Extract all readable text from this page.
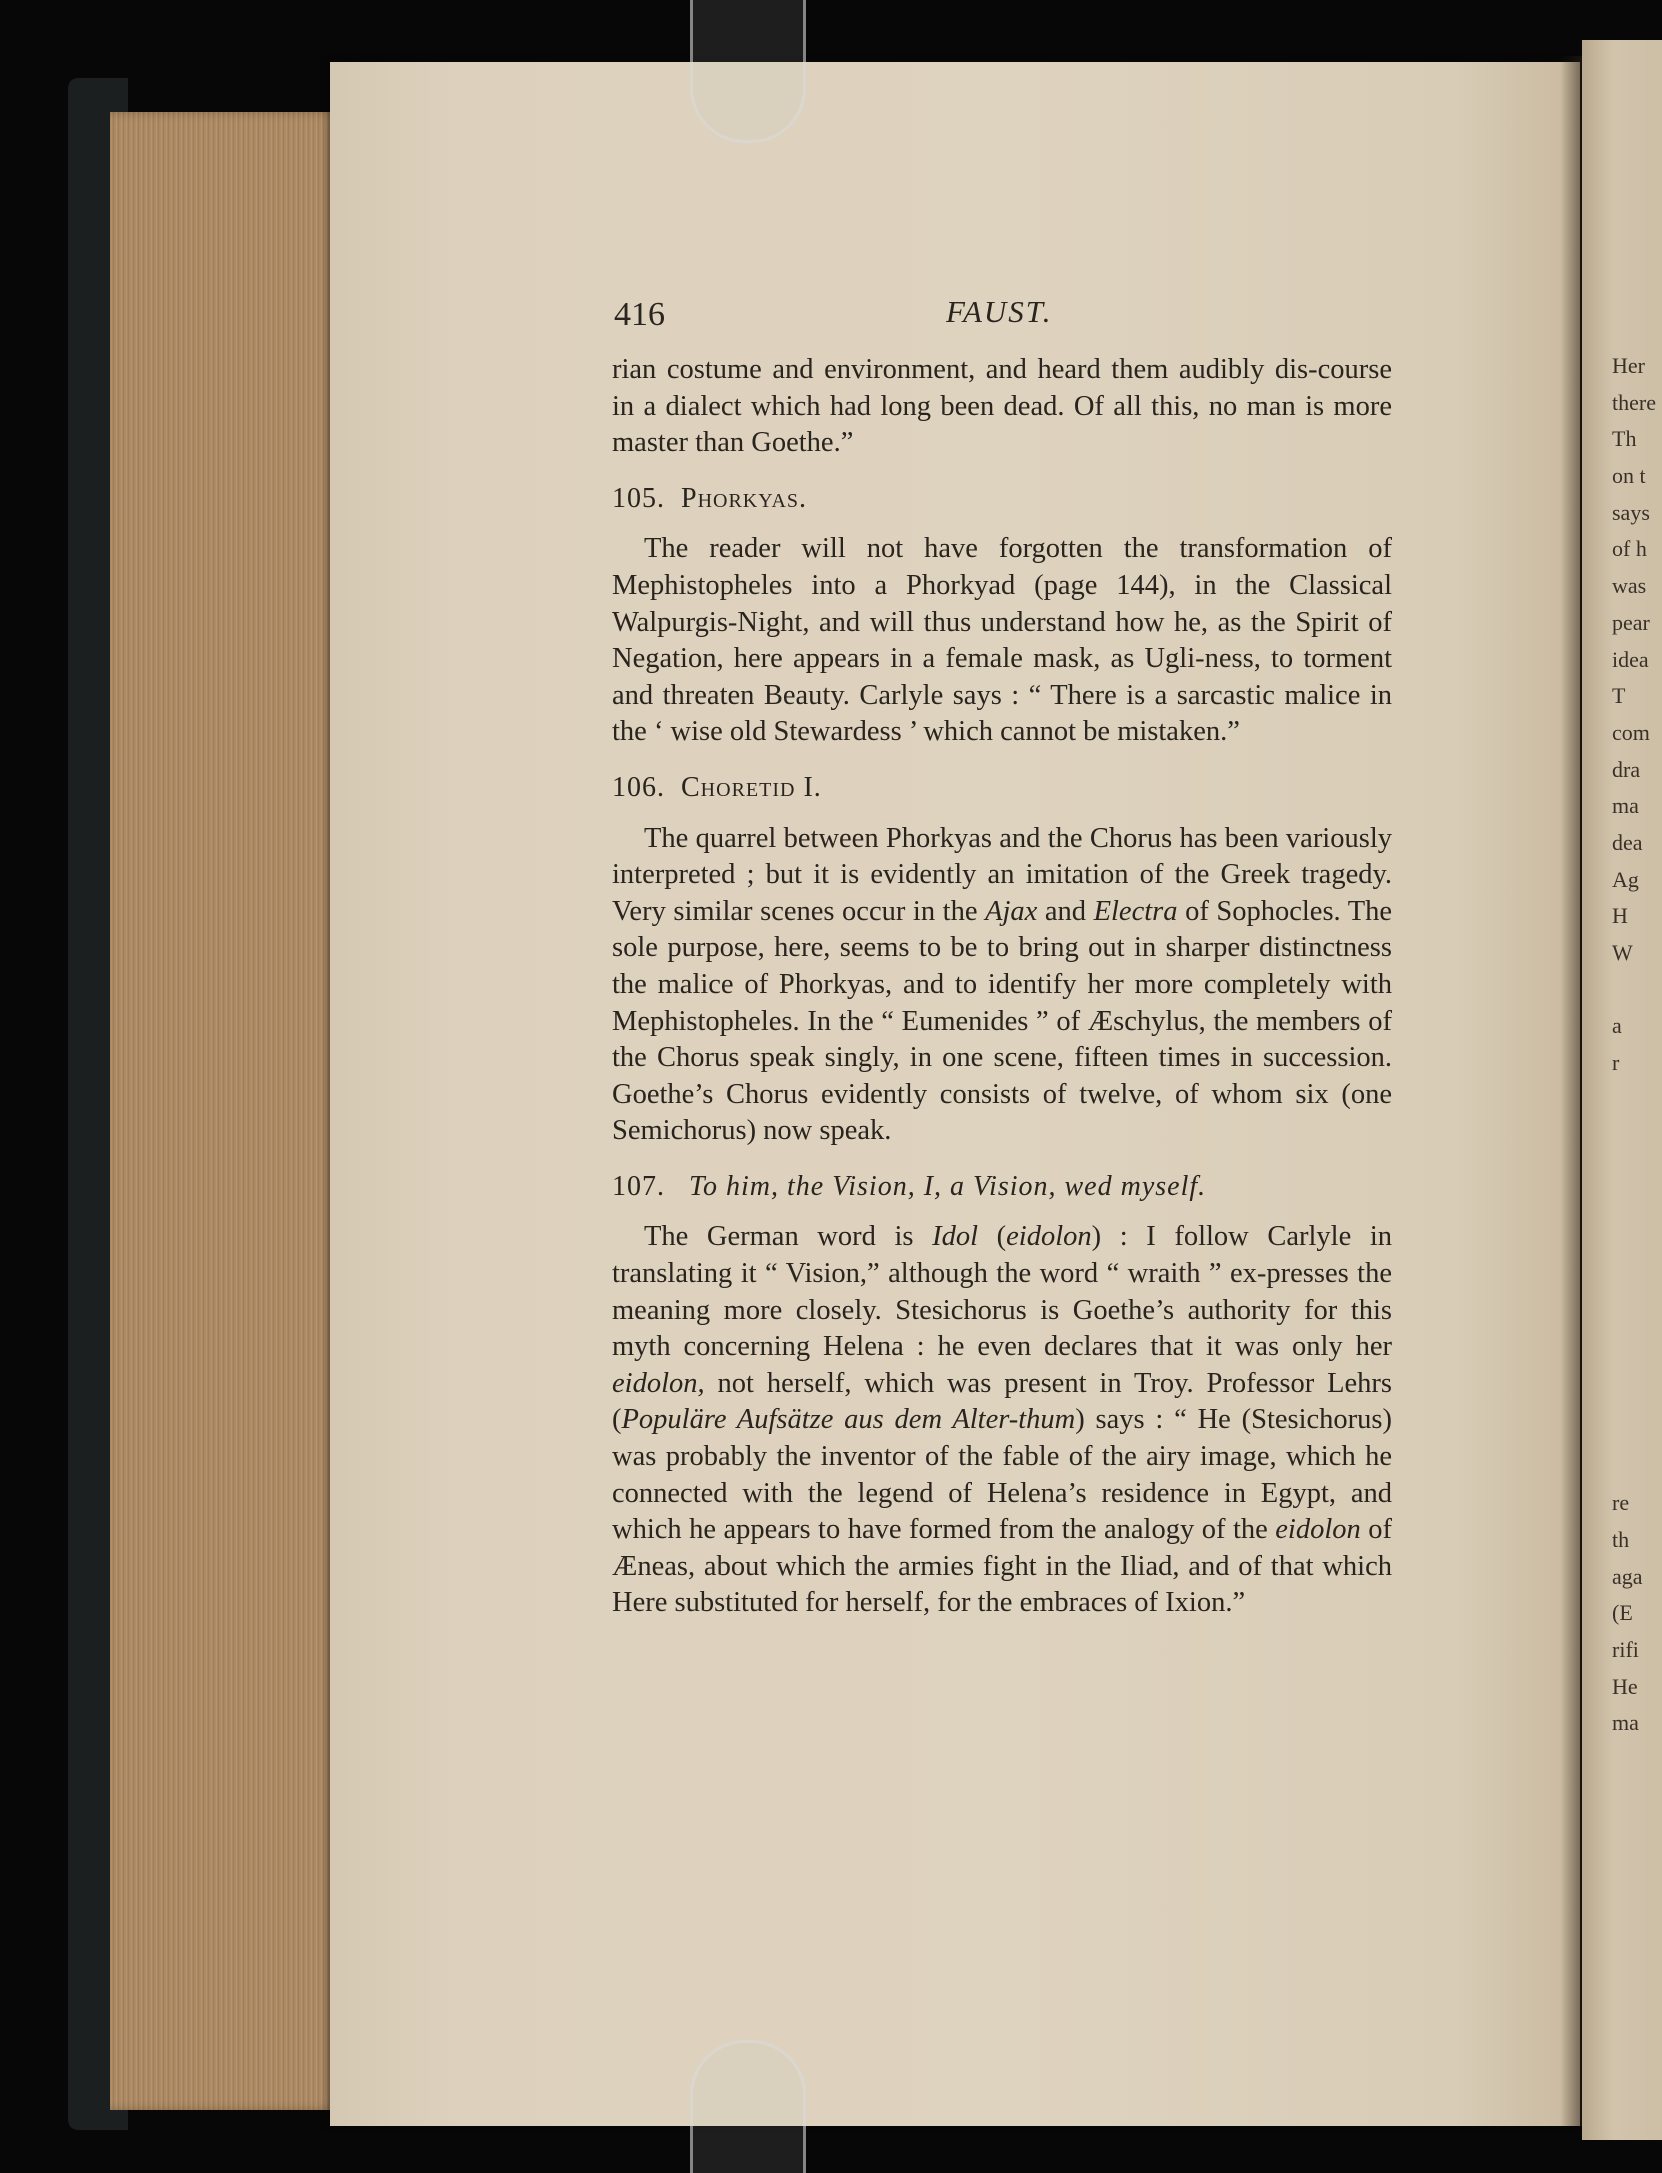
Her
there
Th
on t
says
of h
was
pear
idea
T
com
dra
ma
dea
Ag
H
W
a
r
re
th
aga
(E
rifi
He
ma
416	FAUST.

rian costume and environment, and heard them audibly dis-course in a dialect which had long been dead. Of all this, no man is more master than Goethe.”

105. Phorkyas.

The reader will not have forgotten the transformation of Mephistopheles into a Phorkyad (page 144), in the Classical Walpurgis-Night, and will thus understand how he, as the Spirit of Negation, here appears in a female mask, as Ugli-ness, to torment and threaten Beauty. Carlyle says : “ There is a sarcastic malice in the ‘ wise old Stewardess ’ which cannot be mistaken.”

106. Choretid I.

The quarrel between Phorkyas and the Chorus has been variously interpreted ; but it is evidently an imitation of the Greek tragedy. Very similar scenes occur in the Ajax and Electra of Sophocles. The sole purpose, here, seems to be to bring out in sharper distinctness the malice of Phorkyas, and to identify her more completely with Mephistopheles. In the “ Eumenides ” of Æschylus, the members of the Chorus speak singly, in one scene, fifteen times in succession. Goethe’s Chorus evidently consists of twelve, of whom six (one Semichorus) now speak.

107. To him, the Vision, I, a Vision, wed myself.

The German word is Idol (eidolon) : I follow Carlyle in translating it “ Vision,” although the word “ wraith ” ex-presses the meaning more closely. Stesichorus is Goethe’s authority for this myth concerning Helena : he even declares that it was only her eidolon, not herself, which was present in Troy. Professor Lehrs (Populäre Aufsätze aus dem Alter-thum) says : “ He (Stesichorus) was probably the inventor of the fable of the airy image, which he connected with the legend of Helena’s residence in Egypt, and which he appears to have formed from the analogy of the eidolon of Æneas, about which the armies fight in the Iliad, and of that which Here substituted for herself, for the embraces of Ixion.”
